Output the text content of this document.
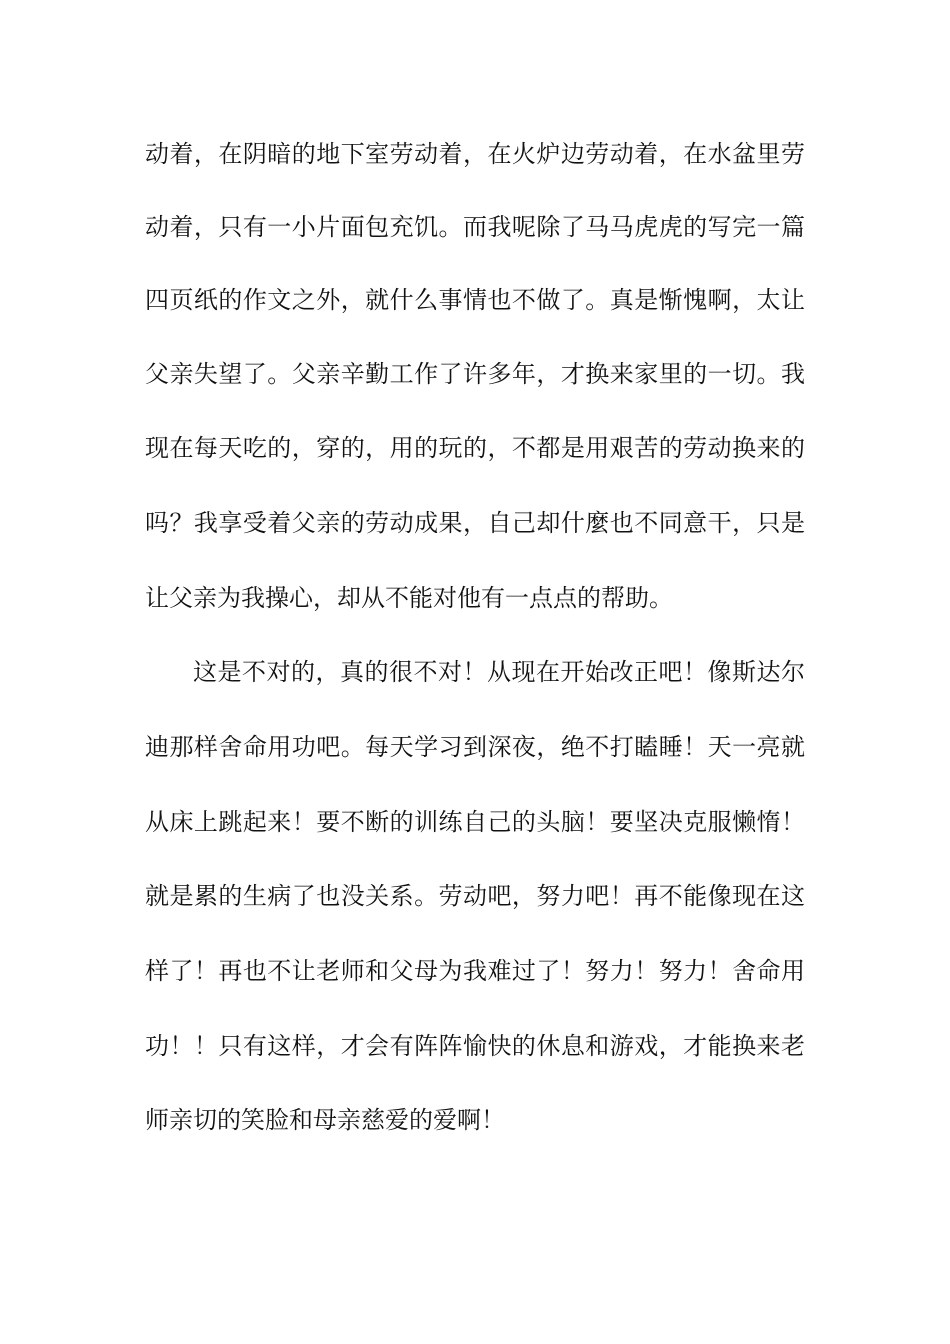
动着，在阴暗的地下室劳动着，在火炉边劳动着，在水盆里劳
动着，只有一小片面包充饥。而我呢除了马马虎虎的写完一篇
四页纸的作文之外，就什么事情也不做了。真是惭愧啊，太让
父亲失望了。父亲辛勤工作了许多年，才换来家里的一切。我
现在每天吃的，穿的，用的玩的，不都是用艰苦的劳动换来的
吗？我享受着父亲的劳动成果，自己却什麼也不同意干，只是
让父亲为我操心，却从不能对他有一点点的帮助。
这是不对的，真的很不对！从现在开始改正吧！像斯达尔
迪那样舍命用功吧。每天学习到深夜，绝不打瞌睡！天一亮就
从床上跳起来！要不断的训练自己的头脑！要坚决克服懒惰！
就是累的生病了也没关系。劳动吧，努力吧！再不能像现在这
样了！再也不让老师和父母为我难过了！努力！努力！舍命用
功！！只有这样，才会有阵阵愉快的休息和游戏，才能换来老
师亲切的笑脸和母亲慈爱的爱啊！
